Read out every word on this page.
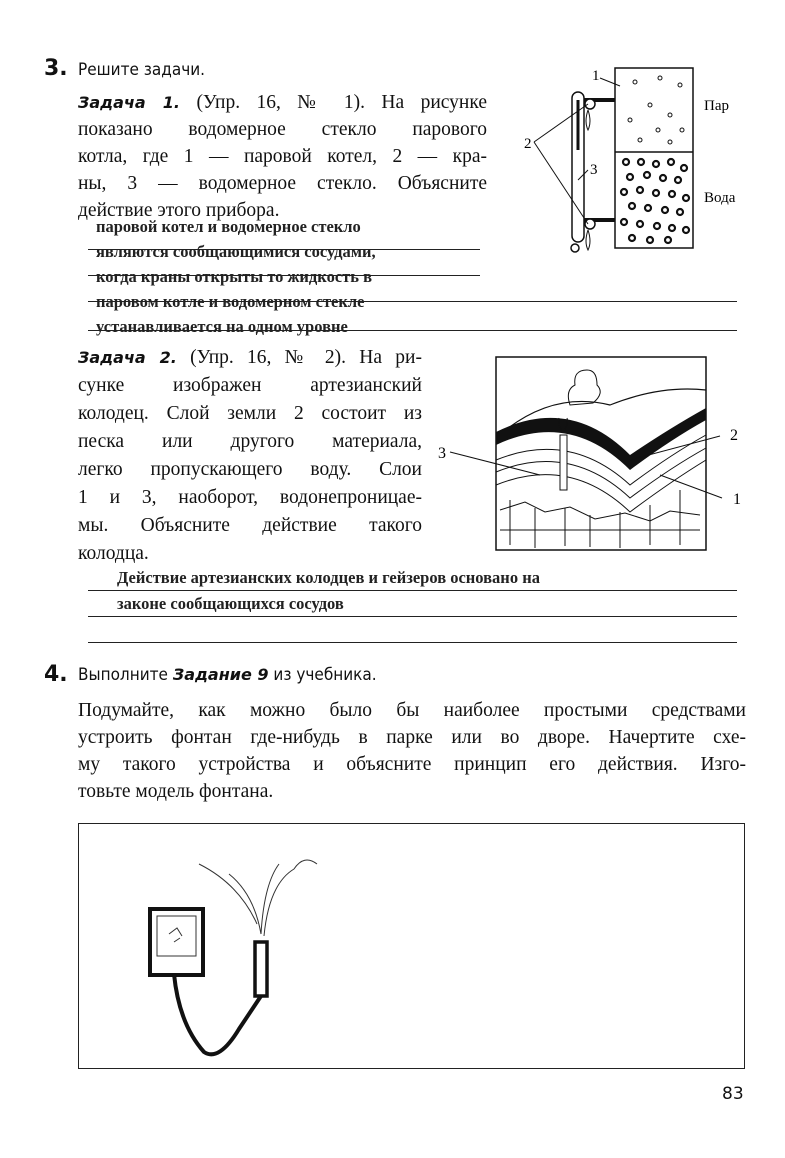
3. Решите задачи.
Задача 1. (Упр. 16, № 1). На рисунке
показано водомерное стекло парового
котла, где 1 — паровой котел, 2 — кра-
ны, 3 — водомерное стекло. Объясните
действие этого прибора.
паровой котел и водомерное стекло
являются сообщающимися сосудами,
когда краны открыты то жидкость в
паровом котле и водомерном стекле
устанавливается на одном уровне
1
2
3
Пар
Вода
Задача 2. (Упр. 16, № 2). На ри-
сунке изображен артезианский
колодец. Слой земли 2 состоит из
песка или другого материала,
легко пропускающего воду. Слои
1 и 3, наоборот, водонепроницае-
мы. Объясните действие такого
колодца.
3
2
1
Действие артезианских колодцев и гейзеров основано на
законе сообщающихся сосудов
4. Выполните Задание 9 из учебника.
Подумайте, как можно было бы наиболее простыми средствами
устроить фонтан где-нибудь в парке или во дворе. Начертите схе-
му такого устройства и объясните принцип его действия. Изго-
товьте модель фонтана.
83
